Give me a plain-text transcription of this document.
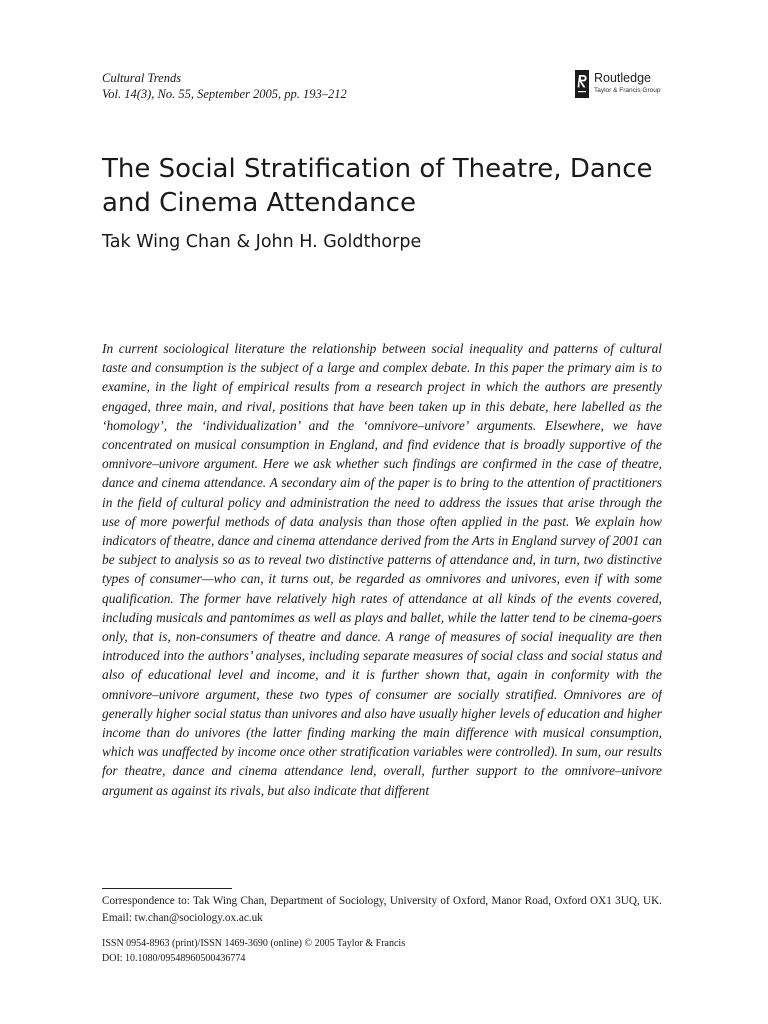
Cultural Trends
Vol. 14(3), No. 55, September 2005, pp. 193–212
Routledge
Taylor & Francis Group
The Social Stratification of Theatre, Dance and Cinema Attendance
Tak Wing Chan & John H. Goldthorpe

In current sociological literature the relationship between social inequality and patterns of cultural taste and consumption is the subject of a large and complex debate. In this paper the primary aim is to examine, in the light of empirical results from a research project in which the authors are presently engaged, three main, and rival, positions that have been taken up in this debate, here labelled as the ‘homology’, the ‘individualization’ and the ‘omnivore–univore’ arguments. Elsewhere, we have concentrated on musical consumption in England, and find evidence that is broadly supportive of the omnivore–univore argument. Here we ask whether such findings are confirmed in the case of theatre, dance and cinema attendance. A secondary aim of the paper is to bring to the attention of practitioners in the field of cultural policy and administration the need to address the issues that arise through the use of more powerful methods of data analysis than those often applied in the past. We explain how indicators of theatre, dance and cinema attendance derived from the Arts in England survey of 2001 can be subject to analysis so as to reveal two distinctive patterns of attendance and, in turn, two distinctive types of consumer—who can, it turns out, be regarded as omnivores and univores, even if with some qualification. The former have relatively high rates of attendance at all kinds of the events covered, including musicals and pantomimes as well as plays and ballet, while the latter tend to be cinema-goers only, that is, non-consumers of theatre and dance. A range of measures of social inequality are then introduced into the authors’ analyses, including separate measures of social class and social status and also of educational level and income, and it is further shown that, again in conformity with the omnivore–univore argument, these two types of consumer are socially stratified. Omnivores are of generally higher social status than univores and also have usually higher levels of education and higher income than do univores (the latter finding marking the main difference with musical consumption, which was unaffected by income once other stratification variables were controlled). In sum, our results for theatre, dance and cinema attendance lend, overall, further support to the omnivore–univore argument as against its rivals, but also indicate that different

Correspondence to: Tak Wing Chan, Department of Sociology, University of Oxford, Manor Road, Oxford OX1 3UQ, UK. Email: tw.chan@sociology.ox.ac.uk

ISSN 0954-8963 (print)/ISSN 1469-3690 (online) © 2005 Taylor & Francis
DOI: 10.1080/09548960500436774
